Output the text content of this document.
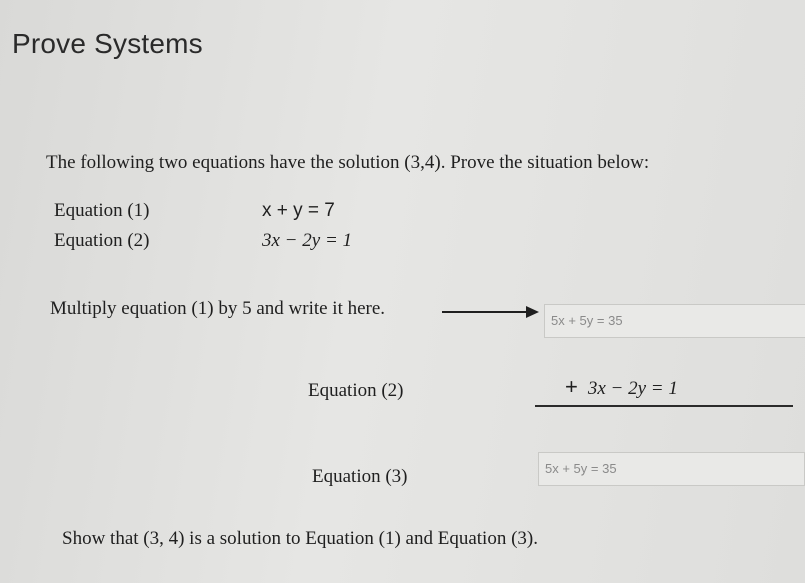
Prove Systems
The following two equations have the solution (3,4). Prove the situation below:
Equation (1)	x + y = 7
Equation (2)	3x − 2y = 1
Multiply equation (1) by 5 and write it here.
5x + 5y = 35
Equation (2)	+ 3x − 2y = 1
Equation (3)	5x + 5y = 35
Show that (3, 4) is a solution to Equation (1) and Equation (3).
